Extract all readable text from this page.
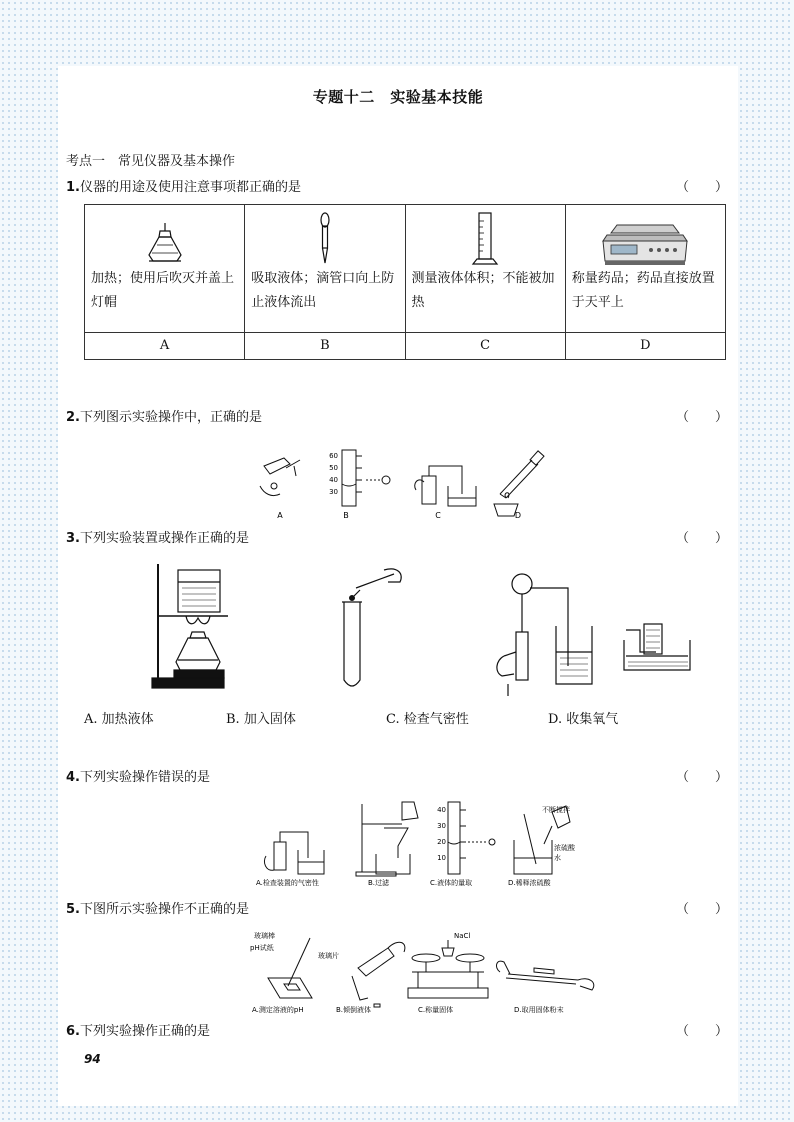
专题十二　实验基本技能
考点一　常见仪器及基本操作
1.仪器的用途及使用注意事项都正确的是	（　　）
加热；使用后吹灭并盖上灯帽	吸取液体；滴管口向上防止液体流出	测量液体体积；不能被加热	称量药品；药品直接放置于天平上
A	B	C	D
2.下列图示实验操作中，正确的是	（　　）
60
50
40
30
A	B	C	D
3.下列实验装置或操作正确的是	（　　）
A. 加热液体	B. 加入固体	C. 检查气密性	D. 收集氧气
4.下列实验操作错误的是	（　　）
40
30
20
10
不断搅拌
浓硫酸
水
A.检查装置的气密性	B.过滤	C.液体的量取	D.稀释浓硫酸
5.下图所示实验操作不正确的是	（　　）
玻璃棒
pH试纸
玻璃片
NaCl
A.测定溶液的pH	B.倾倒液体	C.称量固体	D.取用固体粉末
6.下列实验操作正确的是	（　　）
94
